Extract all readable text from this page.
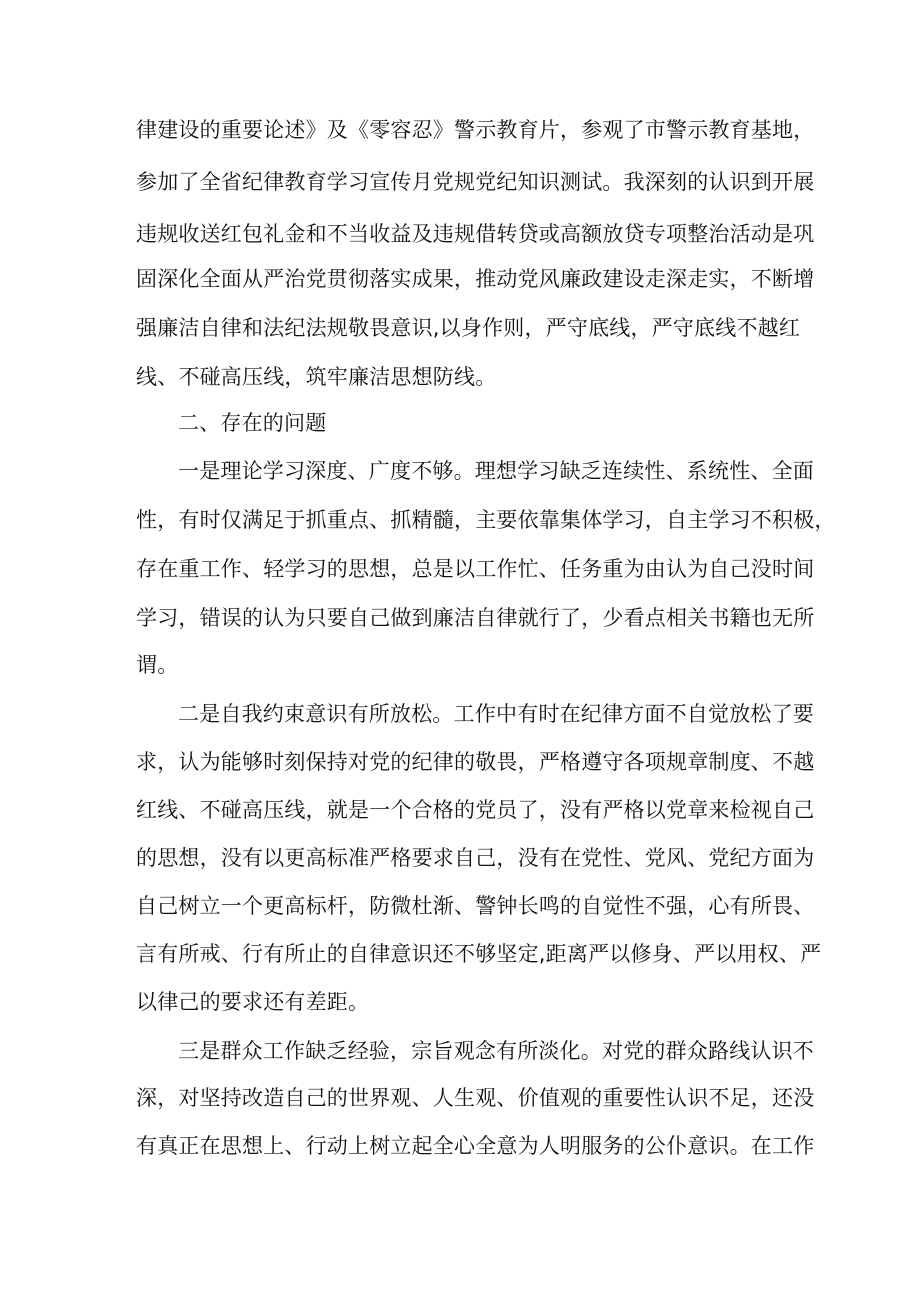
律建设的重要论述》及《零容忍》警示教育片，参观了市警示教育基地，
参加了全省纪律教育学习宣传月党规党纪知识测试。我深刻的认识到开展
违规收送红包礼金和不当收益及违规借转贷或高额放贷专项整治活动是巩
固深化全面从严治党贯彻落实成果，推动党风廉政建设走深走实，不断增
强廉洁自律和法纪法规敬畏意识,以身作则，严守底线，严守底线不越红
线、不碰高压线，筑牢廉洁思想防线。
二、存在的问题
一是理论学习深度、广度不够。理想学习缺乏连续性、系统性、全面
性，有时仅满足于抓重点、抓精髓，主要依靠集体学习，自主学习不积极，
存在重工作、轻学习的思想，总是以工作忙、任务重为由认为自己没时间
学习，错误的认为只要自己做到廉洁自律就行了，少看点相关书籍也无所
谓。
二是自我约束意识有所放松。工作中有时在纪律方面不自觉放松了要
求，认为能够时刻保持对党的纪律的敬畏，严格遵守各项规章制度、不越
红线、不碰高压线，就是一个合格的党员了，没有严格以党章来检视自己
的思想，没有以更高标准严格要求自己，没有在党性、党风、党纪方面为
自己树立一个更高标杆，防微杜渐、警钟长鸣的自觉性不强，心有所畏、
言有所戒、行有所止的自律意识还不够坚定,距离严以修身、严以用权、严
以律己的要求还有差距。
三是群众工作缺乏经验，宗旨观念有所淡化。对党的群众路线认识不
深，对坚持改造自己的世界观、人生观、价值观的重要性认识不足，还没
有真正在思想上、行动上树立起全心全意为人明服务的公仆意识。在工作
